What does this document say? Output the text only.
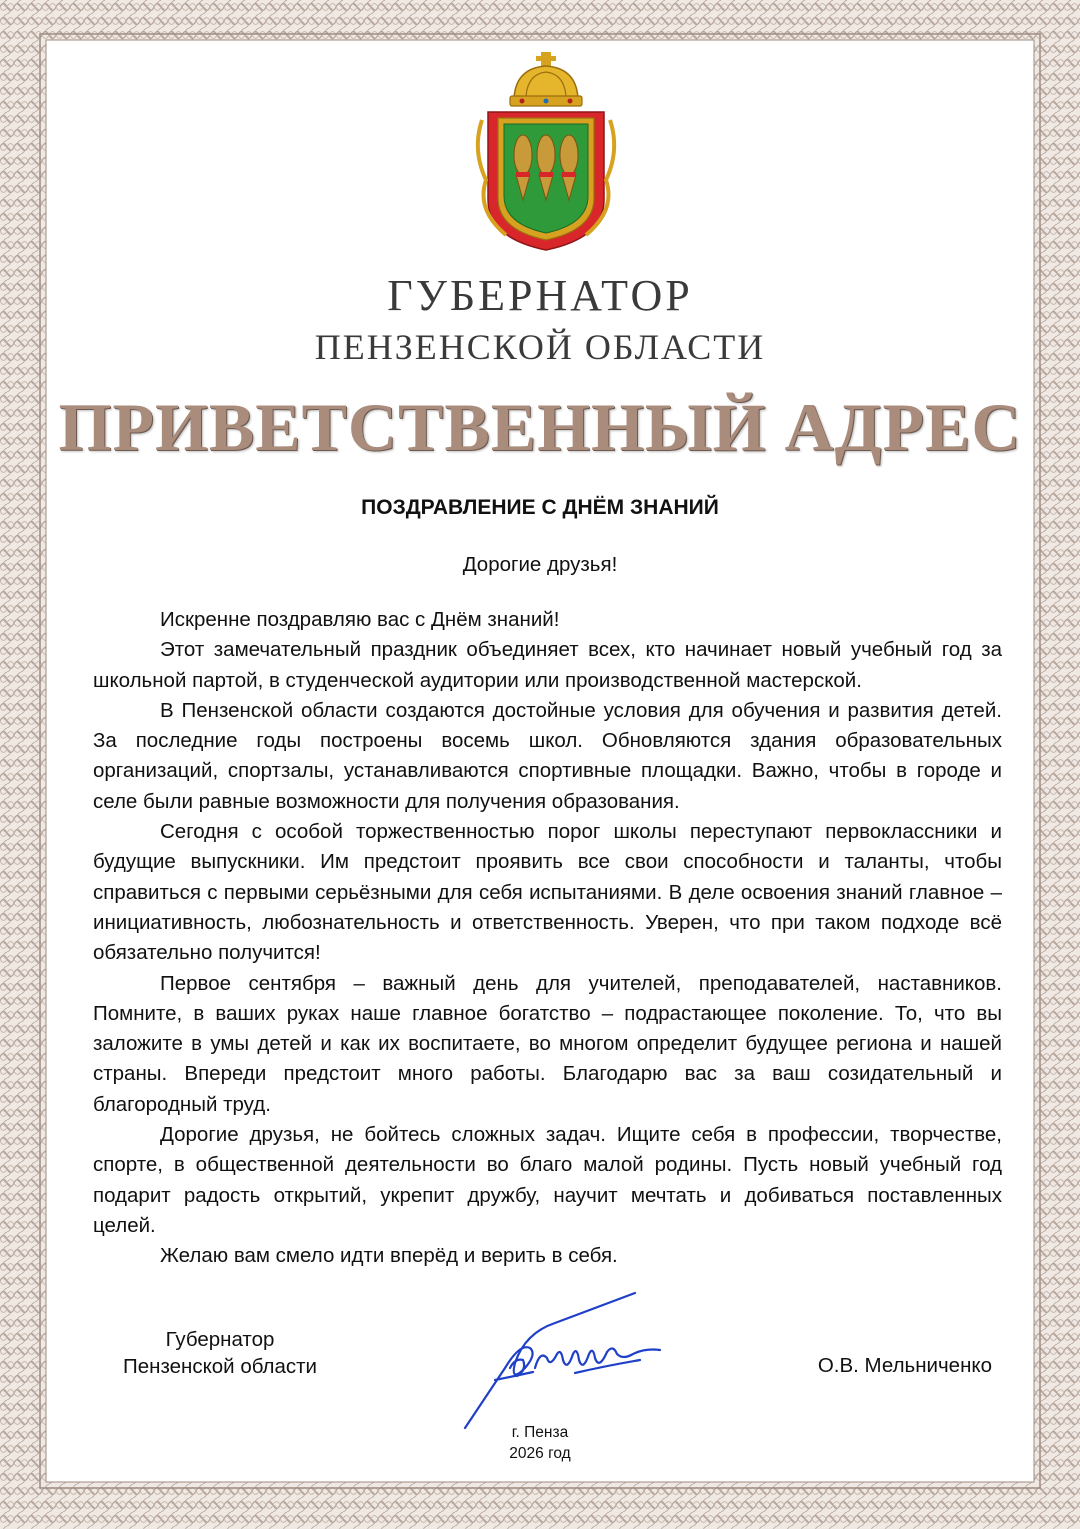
ГУБЕРНАТОР
ПЕНЗЕНСКОЙ ОБЛАСТИ
ПРИВЕТСТВЕННЫЙ АДРЕС
ПОЗДРАВЛЕНИЕ С ДНЁМ ЗНАНИЙ
Дорогие друзья!

Искренне поздравляю вас с Днём знаний!

Этот замечательный праздник объединяет всех, кто начинает новый учебный год за школьной партой, в студенческой аудитории или производственной мастерской.

В Пензенской области создаются достойные условия для обучения и развития детей. За последние годы построены восемь школ. Обновляются здания образовательных организаций, спортзалы, устанавливаются спортивные площадки. Важно, чтобы в городе и селе были равные возможности для получения образования.

Сегодня с особой торжественностью порог школы переступают первоклассники и будущие выпускники. Им предстоит проявить все свои способности и таланты, чтобы справиться с первыми серьёзными для себя испытаниями. В деле освоения знаний главное – инициативность, любознательность и ответственность. Уверен, что при таком подходе всё обязательно получится!

Первое сентября – важный день для учителей, преподавателей, наставников. Помните, в ваших руках наше главное богатство – подрастающее поколение. То, что вы заложите в умы детей и как их воспитаете, во многом определит будущее региона и нашей страны. Впереди предстоит много работы. Благодарю вас за ваш созидательный и благородный труд.

Дорогие друзья, не бойтесь сложных задач. Ищите себя в профессии, творчестве, спорте, в общественной деятельности во благо малой родины. Пусть новый учебный год подарит радость открытий, укрепит дружбу, научит мечтать и добиваться поставленных целей.

Желаю вам смело идти вперёд и верить в себя.

Губернатор
Пензенской области	О.В. Мельниченко
г. Пенза
2026 год
